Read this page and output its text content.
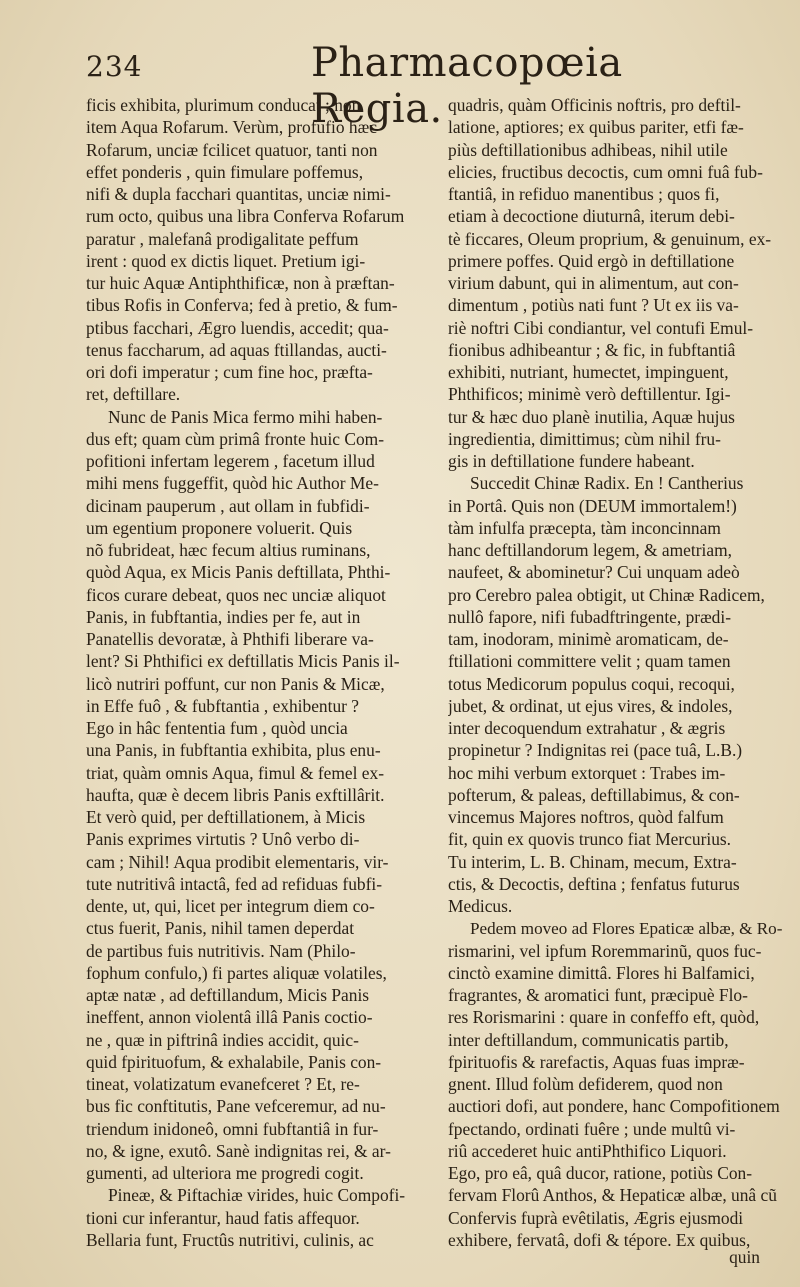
234	Pharmacopœia Regia.
ficis exhibita, plurimum conducat ; non
item Aqua Rofarum. Verùm, profufio hæc
Rofarum, unciæ fcilicet quatuor, tanti non
effet ponderis , quin fimulare poffemus,
nifi & dupla facchari quantitas, unciæ nimi-
rum octo, quibus una libra Conferva Rofarum
paratur , malefanâ prodigalitate peffum
irent : quod ex dictis liquet. Pretium igi-
tur huic Aquæ Antiphthificæ, non à præftan-
tibus Rofis in Conferva; fed à pretio, & fum-
ptibus facchari, Ægro luendis, accedit; qua-
tenus faccharum, ad aquas ftillandas, aucti-
ori dofi imperatur ; cum fine hoc, præfta-
ret, deftillare.
Nunc de Panis Mica fermo mihi haben-
dus eft; quam cùm primâ fronte huic Com-
pofitioni infertam legerem , facetum illud
mihi mens fuggeffit, quòd hic Author Me-
dicinam pauperum , aut ollam in fubfidi-
um egentium proponere voluerit. Quis
nõ fubrideat, hæc fecum altius ruminans,
quòd Aqua, ex Micis Panis deftillata, Phthi-
ficos curare debeat, quos nec unciæ aliquot
Panis, in fubftantia, indies per fe, aut in
Panatellis devoratæ, à Phthifi liberare va-
lent? Si Phthifici ex deftillatis Micis Panis il-
licò nutriri poffunt, cur non Panis & Micæ,
in Effe fuô , & fubftantia , exhibentur ?
Ego in hâc fententia fum , quòd uncia
una Panis, in fubftantia exhibita, plus enu-
triat, quàm omnis Aqua, fimul & femel ex-
haufta, quæ è decem libris Panis exftillârit.
Et verò quid, per deftillationem, à Micis
Panis exprimes virtutis ? Unô verbo di-
cam ; Nihil! Aqua prodibit elementaris, vir-
tute nutritivâ intactâ, fed ad refiduas fubfi-
dente, ut, qui, licet per integrum diem co-
ctus fuerit, Panis, nihil tamen deperdat
de partibus fuis nutritivis. Nam (Philo-
fophum confulo,) fi partes aliquæ volatiles,
aptæ natæ , ad deftillandum, Micis Panis
ineffent, annon violentâ illâ Panis coctio-
ne , quæ in piftrinâ indies accidit, quic-
quid fpirituofum, & exhalabile, Panis con-
tineat, volatizatum evanefceret ? Et, re-
bus fic conftitutis, Pane vefceremur, ad nu-
triendum inidoneô, omni fubftantiâ in fur-
no, & igne, exutô. Sanè indignitas rei, & ar-
gumenti, ad ulteriora me progredi cogit.
Pineæ, & Piftachiæ virides, huic Compofi-
tioni cur inferantur, haud fatis affequor.
Bellaria funt, Fructûs nutritivi, culinis, ac
quadris, quàm Officinis noftris, pro deftil-
latione, aptiores; ex quibus pariter, etfi fæ-
piùs deftillationibus adhibeas, nihil utile
elicies, fructibus decoctis, cum omni fuâ fub-
ftantiâ, in refiduo manentibus ; quos fi,
etiam à decoctione diuturnâ, iterum debi-
tè ficcares, Oleum proprium, & genuinum, ex-
primere poffes. Quid ergò in deftillatione
virium dabunt, qui in alimentum, aut con-
dimentum , potiùs nati funt ? Ut ex iis va-
riè noftri Cibi condiantur, vel contufi Emul-
fionibus adhibeantur ; & fic, in fubftantiâ
exhibiti, nutriant, humectet, impinguent,
Phthificos; minimè verò deftillentur. Igi-
tur & hæc duo planè inutilia, Aquæ hujus
ingredientia, dimittimus; cùm nihil fru-
gis in deftillatione fundere habeant.
Succedit Chinæ Radix. En ! Cantherius
in Portâ. Quis non (DEUM immortalem!)
tàm infulfa præcepta, tàm inconcinnam
hanc deftillandorum legem, & ametriam,
naufeet, & abominetur? Cui unquam adeò
pro Cerebro palea obtigit, ut Chinæ Radicem,
nullô fapore, nifi fubadftringente, prædi-
tam, inodoram, minimè aromaticam, de-
ftillationi committere velit ; quam tamen
totus Medicorum populus coqui, recoqui,
jubet, & ordinat, ut ejus vires, & indoles,
inter decoquendum extrahatur , & ægris
propinetur ? Indignitas rei (pace tuâ, L.B.)
hoc mihi verbum extorquet : Trabes im-
pofterum, & paleas, deftillabimus, & con-
vincemus Majores noftros, quòd falfum
fit, quin ex quovis trunco fiat Mercurius.
Tu interim, L. B. Chinam, mecum, Extra-
ctis, & Decoctis, deftina ; fenfatus futurus
Medicus.
Pedem moveo ad Flores Epaticæ albæ, & Ro-
rismarini, vel ipfum Roremmarinũ, quos fuc-
cinctò examine dimittâ. Flores hi Balfamici,
fragrantes, & aromatici funt, præcipuè Flo-
res Rorismarini : quare in confeffo eft, quòd,
inter deftillandum, communicatis partib,
fpirituofis & rarefactis, Aquas fuas impræ-
gnent. Illud folùm defiderem, quod non
auctiori dofi, aut pondere, hanc Compofitionem
fpectando, ordinati fuêre ; unde multû vi-
riû accederet huic antiPhthifico Liquori.
Ego, pro eâ, quâ ducor, ratione, potiùs Con-
fervam Florû Anthos, & Hepaticæ albæ, unâ cũ
Confervis fuprà evêtilatis, Ægris ejusmodi
exhibere, fervatâ, dofi & tépore. Ex quibus,
quin
